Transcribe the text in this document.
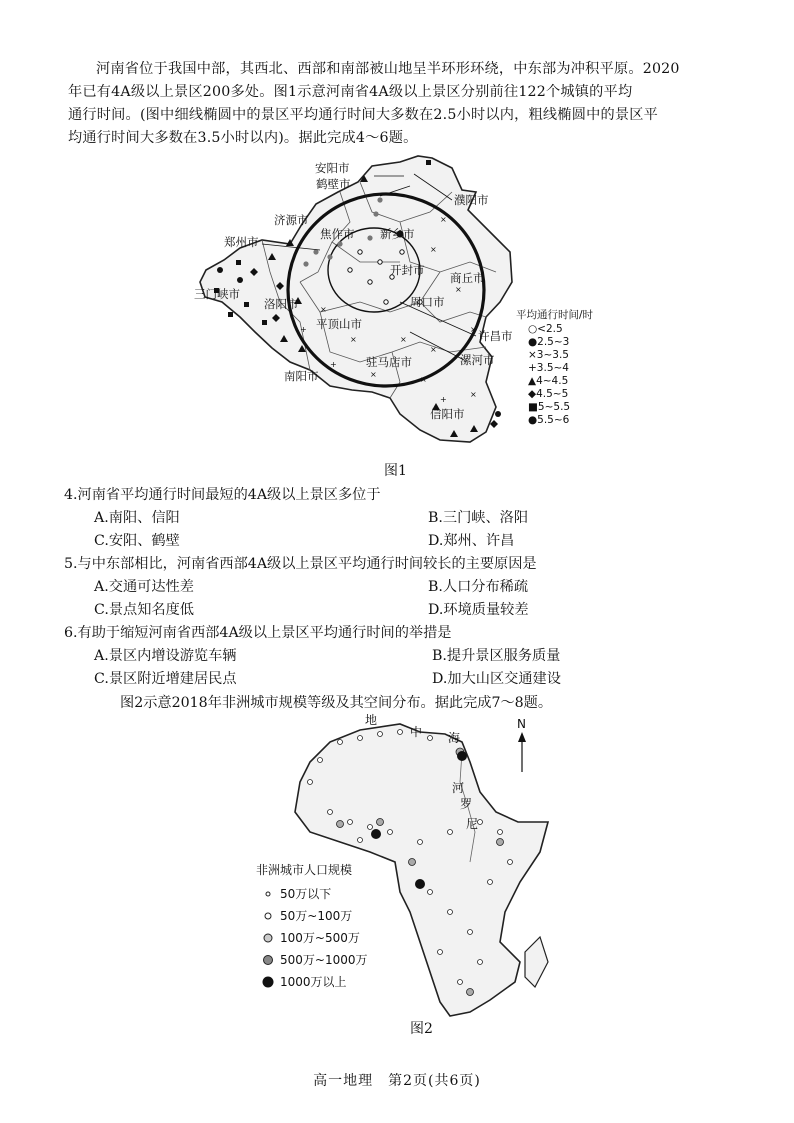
河南省位于我国中部，其西北、西部和南部被山地呈半环形环绕，中东部为冲积平原。2020
年已有4A级以上景区200多处。图1示意河南省4A级以上景区分别前往122个城镇的平均
通行时间。(图中细线椭圆中的景区平均通行时间大多数在2.5小时以内，粗线椭圆中的景区平
均通行时间大多数在3.5小时以内)。据此完成4～6题。
×
×	×
×
×
×
×
×
+
×
+
×
+
×
安阳市
鹤壁市
濮阳市
济源市
焦作市 新乡市
郑州市
开封市
商丘市
三门峡市
洛阳市	周口市
平顶山市
许昌市
漯河市
驻马店市
南阳市
信阳市
平均通行时间/时
○<2.5
●2.5~3
×3~3.5
+3.5~4
▲4~4.5
◆4.5~5
■5~5.5
●5.5~6
图1
4.河南省平均通行时间最短的4A级以上景区多位于
A.南阳、信阳	B.三门峡、洛阳
C.安阳、鹤壁	D.郑州、许昌
5.与中东部相比，河南省西部4A级以上景区平均通行时间较长的主要原因是
A.交通可达性差	B.人口分布稀疏
C.景点知名度低	D.环境质量较差
6.有助于缩短河南省西部4A级以上景区平均通行时间的举措是
A.景区内增设游览车辆	B.提升景区服务质量
C.景区附近增建居民点	D.加大山区交通建设
图2示意2018年非洲城市规模等级及其空间分布。据此完成7～8题。
N
地
中 海
河
罗
尼
非洲城市人口规模
50万以下
50万~100万
100万~500万
500万~1000万
1000万以上
图2
高一地理　第2页(共6页)
